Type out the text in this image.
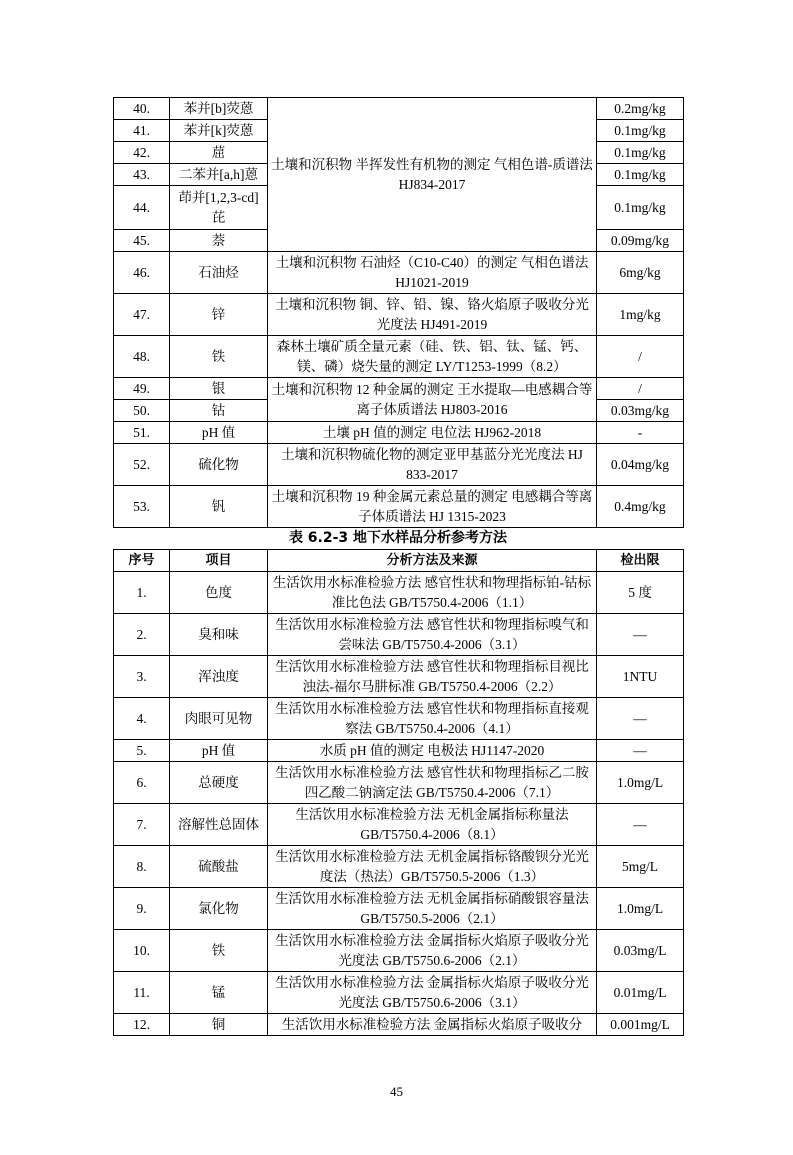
40.	苯并[b]荧蒽	土壤和沉积物 半挥发性有机物的测定 气相色谱-质谱法 HJ834-2017	0.2mg/kg
41.	苯并[k]荧蒽		0.1mg/kg
42.	䓛		0.1mg/kg
43.	二苯并[a,h]蒽		0.1mg/kg
44.	茚并[1,2,3-cd]芘		0.1mg/kg
45.	萘		0.09mg/kg
46.	石油烃	土壤和沉积物 石油烃（C10-C40）的测定 气相色谱法 HJ1021-2019	6mg/kg
47.	锌	土壤和沉积物 铜、锌、铅、镍、铬火焰原子吸收分光光度法 HJ491-2019	1mg/kg
48.	铁	森林土壤矿质全量元素（硅、铁、铝、钛、锰、钙、镁、磷）烧失量的测定 LY/T1253-1999（8.2）	/
49.	银	土壤和沉积物 12 种金属的测定 王水提取—电感耦合等离子体质谱法 HJ803-2016	/
50.	钴		0.03mg/kg
51.	pH 值	土壤 pH 值的测定 电位法 HJ962-2018	-
52.	硫化物	土壤和沉积物硫化物的测定亚甲基蓝分光光度法 HJ 833-2017	0.04mg/kg
53.	钒	土壤和沉积物 19 种金属元素总量的测定 电感耦合等离子体质谱法 HJ 1315-2023	0.4mg/kg
表 6.2-3 地下水样品分析参考方法
序号	项目	分析方法及来源	检出限
1.	色度	生活饮用水标准检验方法 感官性状和物理指标铂-钴标准比色法 GB/T5750.4-2006（1.1）	5 度
2.	臭和味	生活饮用水标准检验方法 感官性状和物理指标嗅气和尝味法 GB/T5750.4-2006（3.1）	—
3.	浑浊度	生活饮用水标准检验方法 感官性状和物理指标目视比浊法-福尔马肼标准 GB/T5750.4-2006（2.2）	1NTU
4.	肉眼可见物	生活饮用水标准检验方法 感官性状和物理指标直接观察法 GB/T5750.4-2006（4.1）	—
5.	pH 值	水质 pH 值的测定 电极法 HJ1147-2020	—
6.	总硬度	生活饮用水标准检验方法 感官性状和物理指标乙二胺四乙酸二钠滴定法 GB/T5750.4-2006（7.1）	1.0mg/L
7.	溶解性总固体	生活饮用水标准检验方法 无机金属指标称量法 GB/T5750.4-2006（8.1）	—
8.	硫酸盐	生活饮用水标准检验方法 无机金属指标铬酸钡分光光度法（热法）GB/T5750.5-2006（1.3）	5mg/L
9.	氯化物	生活饮用水标准检验方法 无机金属指标硝酸银容量法 GB/T5750.5-2006（2.1）	1.0mg/L
10.	铁	生活饮用水标准检验方法 金属指标火焰原子吸收分光光度法 GB/T5750.6-2006（2.1）	0.03mg/L
11.	锰	生活饮用水标准检验方法 金属指标火焰原子吸收分光光度法 GB/T5750.6-2006（3.1）	0.01mg/L
12.	铜	生活饮用水标准检验方法 金属指标火焰原子吸收分	0.001mg/L
45
